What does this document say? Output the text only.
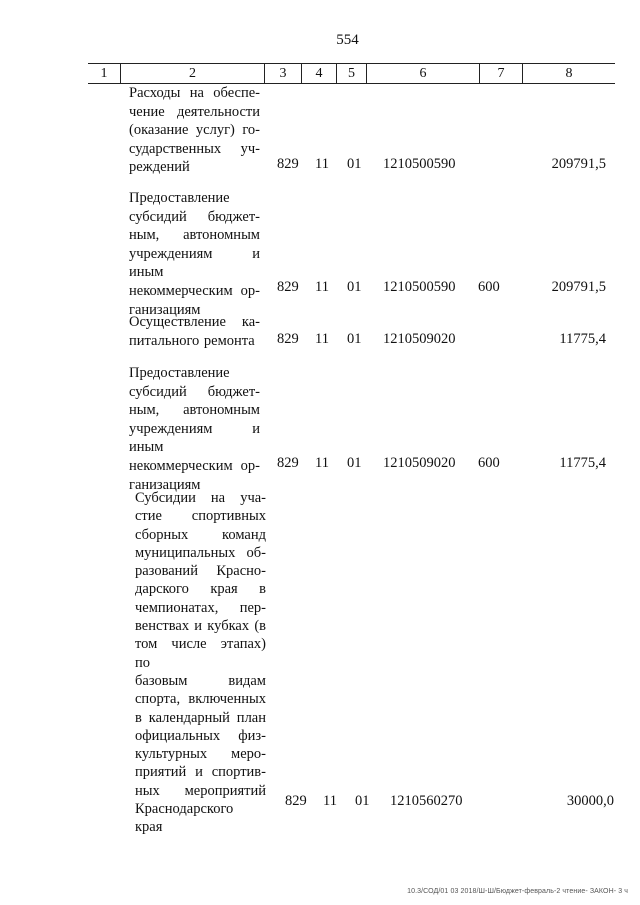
554
1	2	3	4	5	6	7	8
Расходы на обеспе-
чение деятельности
(оказание услуг) го-
сударственных уч-
реждений	829 11 01 1210500590	209791,5
Предоставление
субсидий бюджет-
ным, автономным
учреждениям и иным
некоммерческим ор-
ганизациям
829 11 01 1210500590 600	209791,5
Осуществление ка-
питального ремонта	829 11 01 1210509020	11775,4
Предоставление
субсидий бюджет-
ным, автономным
учреждениям и иным
некоммерческим ор-
ганизациям
829 11 01 1210509020 600	11775,4
Субсидии на уча-
стие спортивных
сборных команд
муниципальных об-
разований Красно-
дарского края в
чемпионатах, пер-
венствах и кубках (в
том числе этапах) по
базовым видам
спорта, включенных
в календарный план
официальных физ-
культурных меро-
приятий и спортив-
ных мероприятий
Краснодарского
края
829 11 01 1210560270	30000,0
10.3/СОД/01 03 2018/Ш-Ш/Бюджет-февраль-2 чтение- ЗАКОН- 3 ч
